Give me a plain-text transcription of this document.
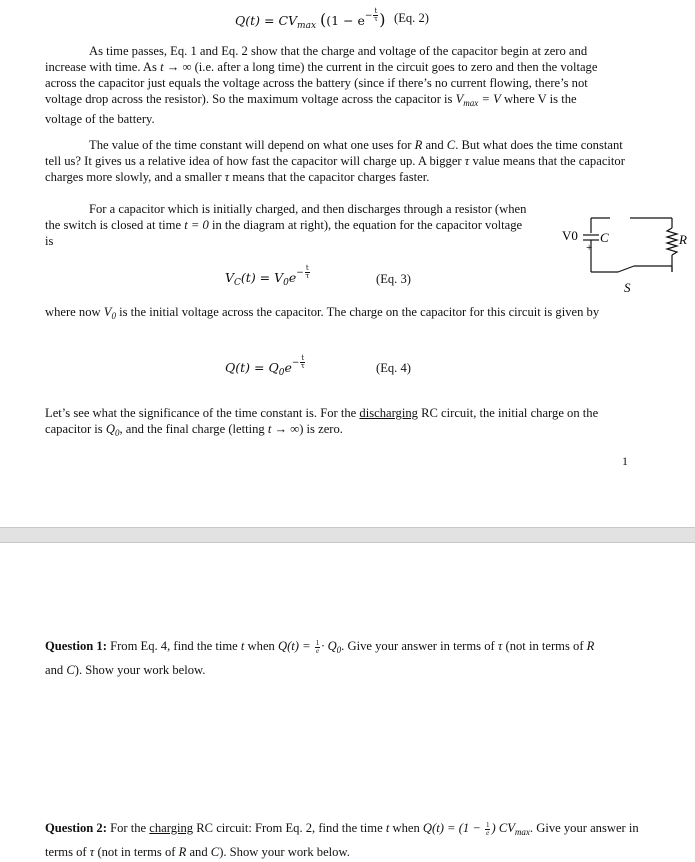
$Q(t) = CV_{max}$ (($1 - e^{- \frac{t}{\tau}}$ ) (Eq. 2)
As time passes, Eq. 1 and Eq. 2 show that the charge and voltage of the capacitor begin at zero and increase with time. As t → ∞ (i.e. after a long time) the current in the circuit goes to zero and then the voltage across the capacitor just equals the voltage across the battery (since if there’s no current flowing, there’s not voltage drop across the resistor). So the maximum voltage across the capacitor is $V_{max} = V$ where V is the voltage of the battery.
The value of the time constant will depend on what one uses for R and C. But what does the time constant tell us? It gives us a relative idea of how fast the capacitor will charge up. A bigger τ value means that the capacitor charges more slowly, and a smaller τ means that the capacitor charges faster.
For a capacitor which is initially charged, and then discharges through a resistor (when the switch is closed at time t = 0 in the diagram at right), the equation for the capacitor voltage is	V0 C
+
R
S
$V_C(t) = V_0e^{- \frac{t}{\tau}}$	(Eq. 3)
where now $V_0$ is the initial voltage across the capacitor. The charge on the capacitor for this circuit is given by
$Q(t) = Q_0e^{- \frac{t}{\tau}}$	(Eq. 4)
Let’s see what the significance of the time constant is. For the discharging RC circuit, the initial charge on the capacitor is $Q_0$, and the final charge (letting t → ∞) is zero.
1
Question 1: From Eq. 4, find the time t when $Q(t) = \frac{1}{e}\cdot Q_0$. Give your answer in terms of τ (not in terms of R and C). Show your work below.
Question 2: For the charging RC circuit: From Eq. 2, find the time t when $Q(t) = (1 - \frac{1}{e})$ $CV_{max}$. Give your answer in terms of τ (not in terms of R and C). Show your work below.
